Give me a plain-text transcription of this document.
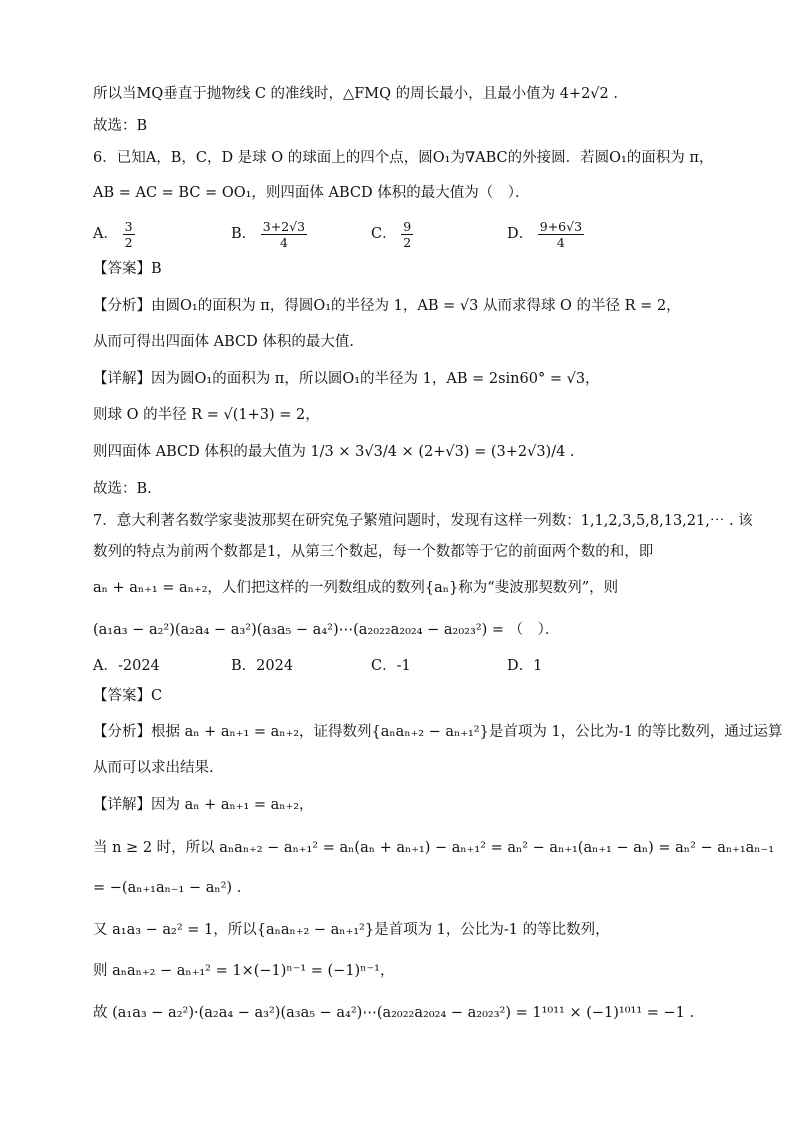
所以当MQ垂直于抛物线 C 的准线时，△FMQ 的周长最小，且最小值为 4+2√2 .
故选：B
6．已知A，B，C，D 是球 O 的球面上的四个点，圆O₁为∇ABC的外接圆．若圆O₁的面积为 π，
AB = AC = BC = OO₁，则四面体 ABCD 体积的最大值为（　）．
A． $\frac{3}{2}$	B． $\frac{3+2√3}{4}$	C． $\frac{9}{2}$	D． $\frac{9+6√3}{4}$
【答案】B
【分析】由圆O₁的面积为 π，得圆O₁的半径为 1，AB = √3 从而求得球 O 的半径 R = 2，
从而可得出四面体 ABCD 体积的最大值.
【详解】因为圆O₁的面积为 π，所以圆O₁的半径为 1，AB = 2sin60° = √3，
则球 O 的半径 R = √(1+3) = 2，
则四面体 ABCD 体积的最大值为 1/3 × 3√3/4 × (2+√3) = (3+2√3)/4 .
故选：B.
7．意大利著名数学家斐波那契在研究兔子繁殖问题时，发现有这样一列数：1,1,2,3,5,8,13,21,⋯ . 该
数列的特点为前两个数都是1，从第三个数起，每一个数都等于它的前面两个数的和，即
aₙ + aₙ₊₁ = aₙ₊₂，人们把这样的一列数组成的数列{aₙ}称为“斐波那契数列”，则
(a₁a₃ − a₂²)(a₂a₄ − a₃²)(a₃a₅ − a₄²)⋯(a₂₀₂₂a₂₀₂₄ − a₂₀₂₃²) = （　）．
A．-2024	B．2024	C．-1	D．1
【答案】C
【分析】根据 aₙ + aₙ₊₁ = aₙ₊₂，证得数列{aₙaₙ₊₂ − aₙ₊₁²}是首项为 1，公比为-1 的等比数列，通过运算
从而可以求出结果.
【详解】因为 aₙ + aₙ₊₁ = aₙ₊₂，
当 n ≥ 2 时，所以 aₙaₙ₊₂ − aₙ₊₁² = aₙ(aₙ + aₙ₊₁) − aₙ₊₁² = aₙ² − aₙ₊₁(aₙ₊₁ − aₙ) = aₙ² − aₙ₊₁aₙ₋₁
= −(aₙ₊₁aₙ₋₁ − aₙ²) .
又 a₁a₃ − a₂² = 1，所以{aₙaₙ₊₂ − aₙ₊₁²}是首项为 1，公比为-1 的等比数列，
则 aₙaₙ₊₂ − aₙ₊₁² = 1×(−1)ⁿ⁻¹ = (−1)ⁿ⁻¹，
故 (a₁a₃ − a₂²)·(a₂a₄ − a₃²)(a₃a₅ − a₄²)⋯(a₂₀₂₂a₂₀₂₄ − a₂₀₂₃²) = 1¹⁰¹¹ × (−1)¹⁰¹¹ = −1 .
